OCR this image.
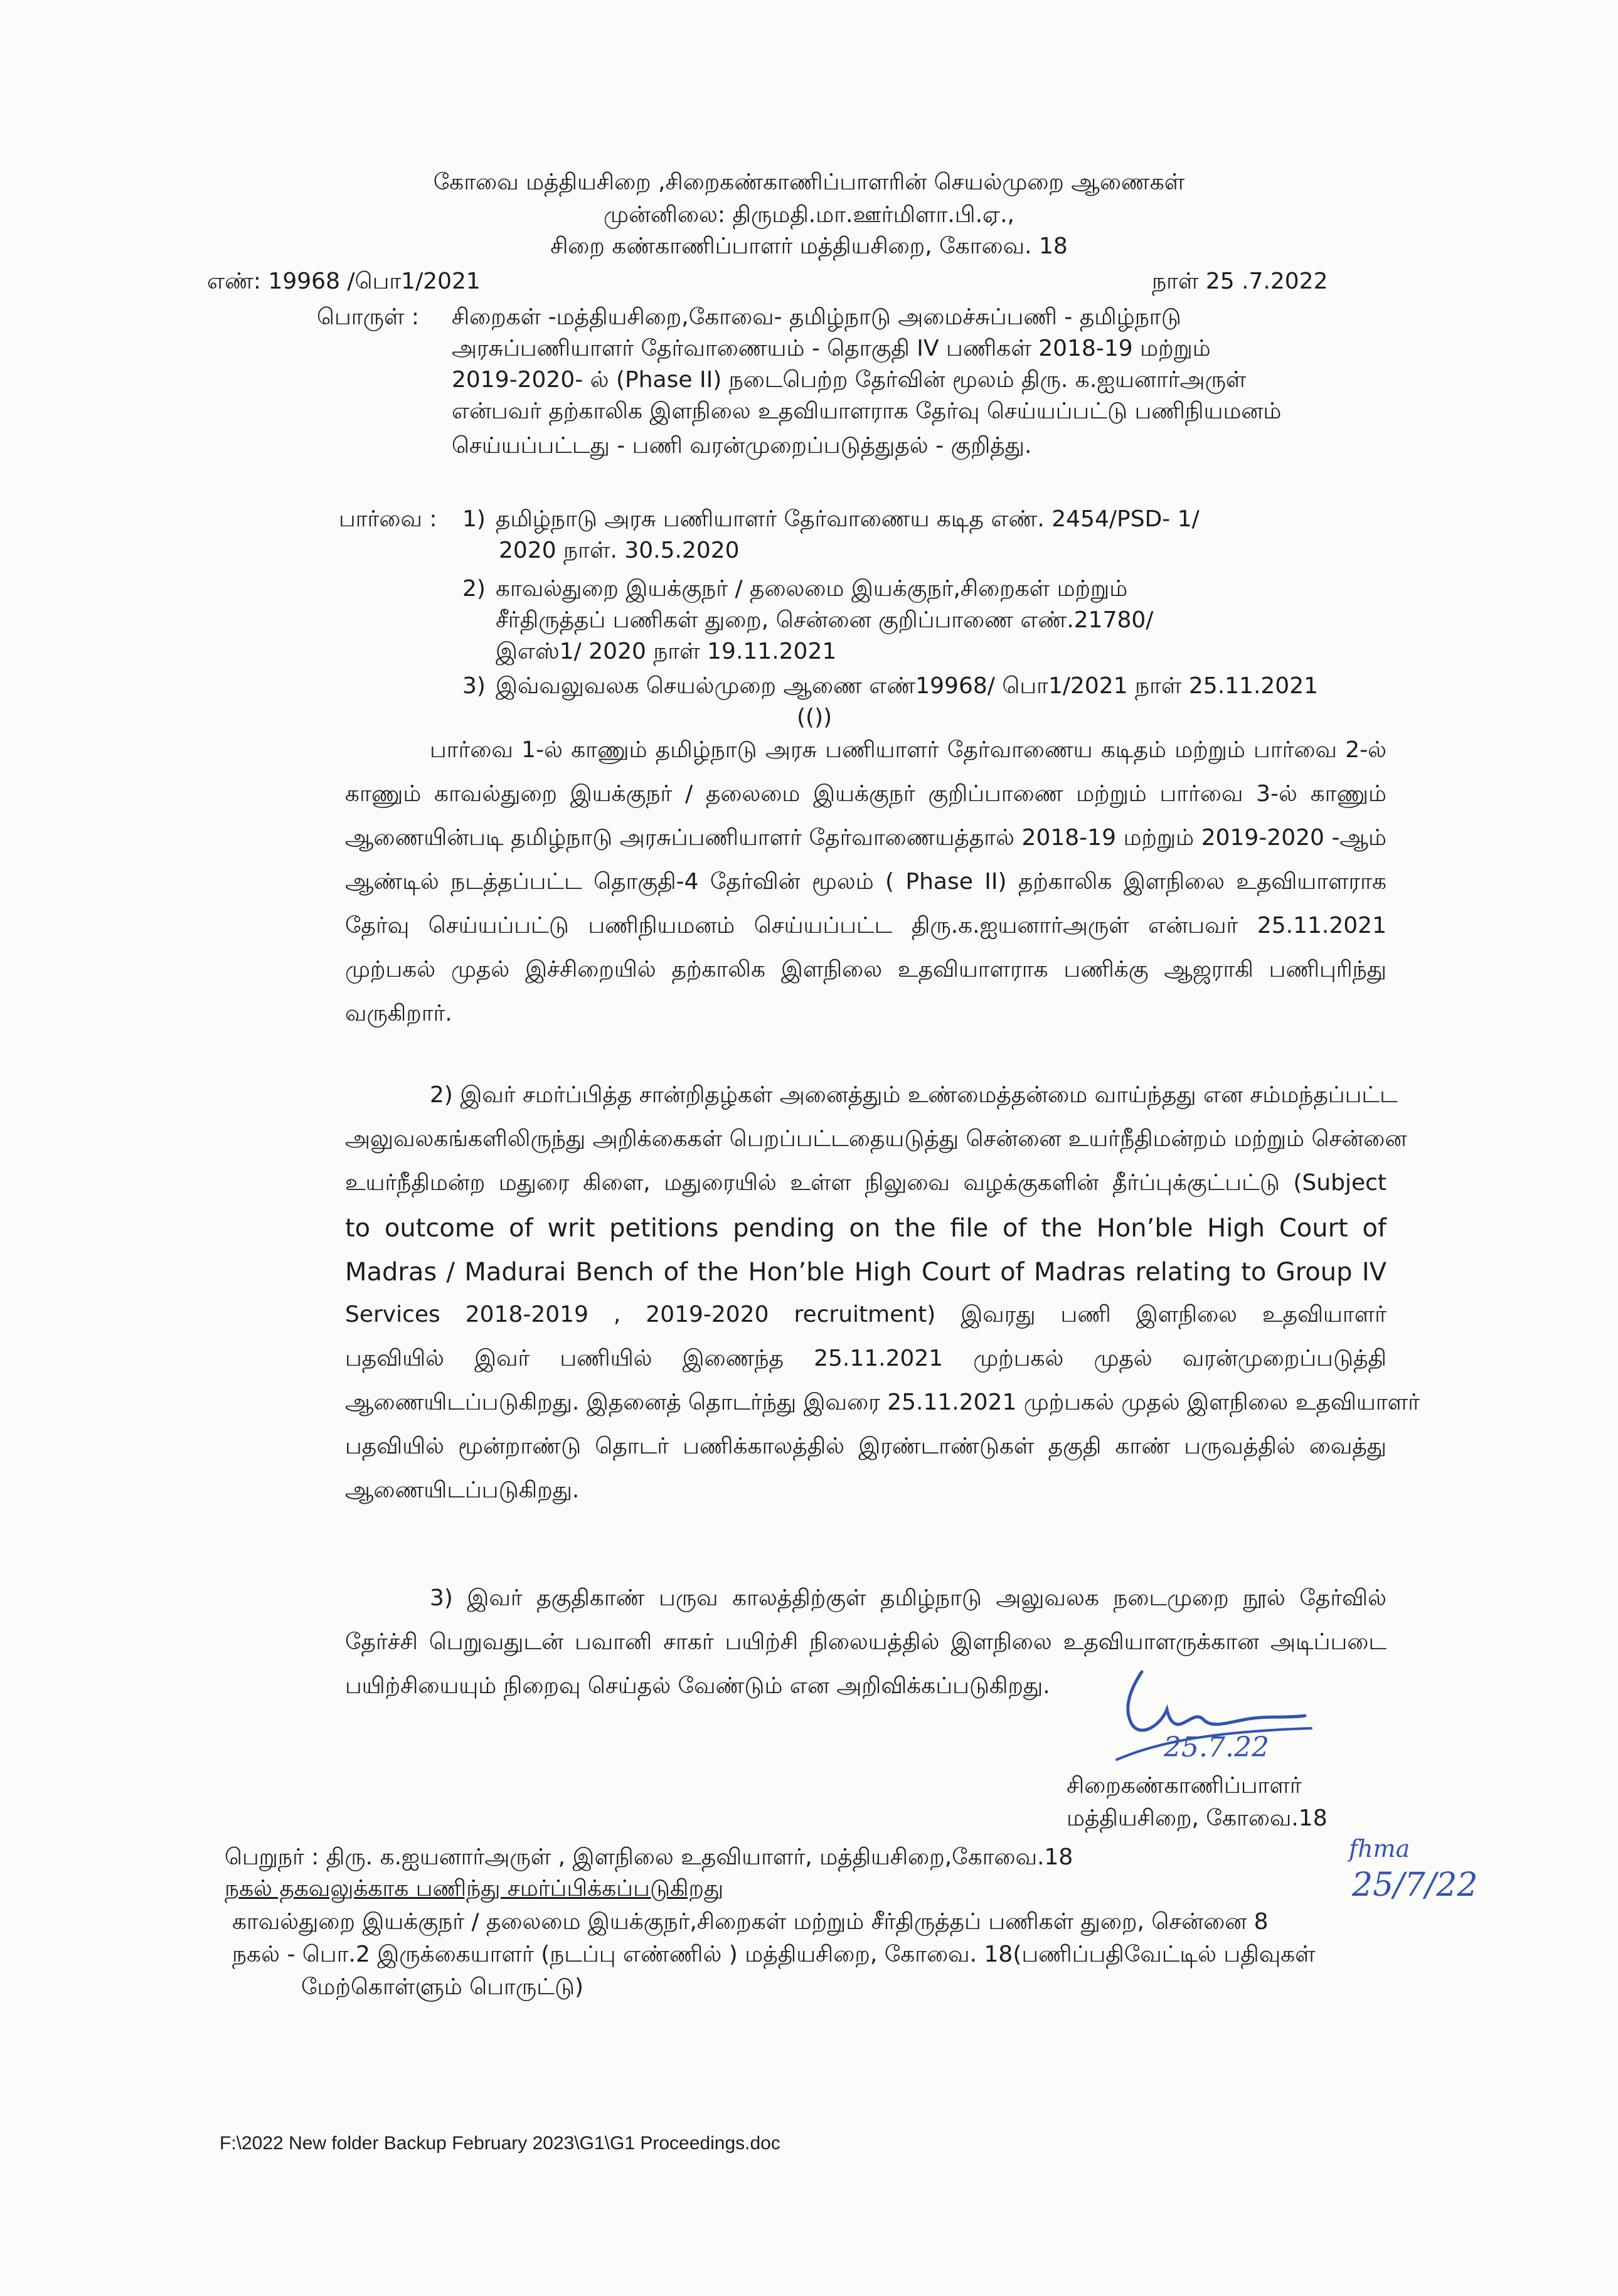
கோவை மத்தியசிறை ,சிறைகண்காணிப்பாளரின் செயல்முறை ஆணைகள்
முன்னிலை: திருமதி.மா.ஊர்மிளா.பி.ஏ.,
சிறை கண்காணிப்பாளர் மத்தியசிறை, கோவை. 18
எண்: 19968 /பொ1/2021	நாள் 25 .7.2022
பொருள் : சிறைகள் -மத்தியசிறை,கோவை- தமிழ்நாடு அமைச்சுப்பணி - தமிழ்நாடு
அரசுப்பணியாளர் தேர்வாணையம் - தொகுதி IV பணிகள் 2018-19 மற்றும்
2019-2020- ல் (Phase II) நடைபெற்ற தேர்வின் மூலம் திரு. க.ஐயனார்அருள்
என்பவர் தற்காலிக இளநிலை உதவியாளராக தேர்வு செய்யப்பட்டு பணிநியமனம்
செய்யப்பட்டது - பணி வரன்முறைப்படுத்துதல் - குறித்து.
பார்வை : 1) தமிழ்நாடு அரசு பணியாளர் தேர்வாணைய கடித எண். 2454/PSD- 1/
2020 நாள். 30.5.2020
2) காவல்துறை இயக்குநர் / தலைமை இயக்குநர்,சிறைகள் மற்றும்
சீர்திருத்தப் பணிகள் துறை, சென்னை குறிப்பாணை எண்.21780/
இஎஸ்1/ 2020 நாள் 19.11.2021
3) இவ்வலுவலக செயல்முறை ஆணை எண்19968/ பொ1/2021 நாள் 25.11.2021
(())
பார்வை 1-ல் காணும் தமிழ்நாடு அரசு பணியாளர் தேர்வாணைய கடிதம் மற்றும் பார்வை 2-ல்
காணும் காவல்துறை இயக்குநர் / தலைமை இயக்குநர் குறிப்பாணை மற்றும் பார்வை 3-ல் காணும்
ஆணையின்படி தமிழ்நாடு அரசுப்பணியாளர் தேர்வாணையத்தால் 2018-19 மற்றும் 2019-2020 -ஆம்
ஆண்டில் நடத்தப்பட்ட தொகுதி-4 தேர்வின் மூலம் ( Phase II) தற்காலிக இளநிலை உதவியாளராக
தேர்வு செய்யப்பட்டு பணிநியமனம் செய்யப்பட்ட திரு.க.ஐயனார்அருள் என்பவர் 25.11.2021
முற்பகல் முதல் இச்சிறையில் தற்காலிக இளநிலை உதவியாளராக பணிக்கு ஆஜராகி பணிபுரிந்து
வருகிறார்.
2) இவர் சமர்ப்பித்த சான்றிதழ்கள் அனைத்தும் உண்மைத்தன்மை வாய்ந்தது என சம்மந்தப்பட்ட
அலுவலகங்களிலிருந்து அறிக்கைகள் பெறப்பட்டதையடுத்து சென்னை உயர்நீதிமன்றம் மற்றும் சென்னை
உயர்நீதிமன்ற மதுரை கிளை, மதுரையில் உள்ள நிலுவை வழக்குகளின் தீர்ப்புக்குட்பட்டு (Subject
to outcome of writ petitions pending on the file of the Hon’ble High Court of
Madras / Madurai Bench of the Hon’ble High Court of Madras relating to Group IV
Services 2018-2019 , 2019-2020 recruitment) இவரது பணி இளநிலை உதவியாளர்
பதவியில் இவர் பணியில் இணைந்த 25.11.2021 முற்பகல் முதல் வரன்முறைப்படுத்தி
ஆணையிடப்படுகிறது. இதனைத் தொடர்ந்து இவரை 25.11.2021 முற்பகல் முதல் இளநிலை உதவியாளர்
பதவியில் மூன்றாண்டு தொடர் பணிக்காலத்தில் இரண்டாண்டுகள் தகுதி காண் பருவத்தில் வைத்து
ஆணையிடப்படுகிறது.
3) இவர் தகுதிகாண் பருவ காலத்திற்குள் தமிழ்நாடு அலுவலக நடைமுறை நூல் தேர்வில்
தேர்ச்சி பெறுவதுடன் பவானி சாகர் பயிற்சி நிலையத்தில் இளநிலை உதவியாளருக்கான அடிப்படை
பயிற்சியையும் நிறைவு செய்தல் வேண்டும் என அறிவிக்கப்படுகிறது.
25.7.22
சிறைகண்காணிப்பாளர்
மத்தியசிறை, கோவை.18
பெறுநர் : திரு. க.ஐயனார்அருள் , இளநிலை உதவியாளர், மத்தியசிறை,கோவை.18
நகல் தகவலுக்காக பணிந்து சமர்ப்பிக்கப்படுகிறது
காவல்துறை இயக்குநர் / தலைமை இயக்குநர்,சிறைகள் மற்றும் சீர்திருத்தப் பணிகள் துறை, சென்னை 8
நகல் - பொ.2 இருக்கையாளர் (நடப்பு எண்ணில் ) மத்தியசிறை, கோவை. 18(பணிப்பதிவேட்டில் பதிவுகள்
மேற்கொள்ளும் பொருட்டு)
fhma
25/7/22
F:\2022 New folder Backup February 2023\G1\G1 Proceedings.doc
